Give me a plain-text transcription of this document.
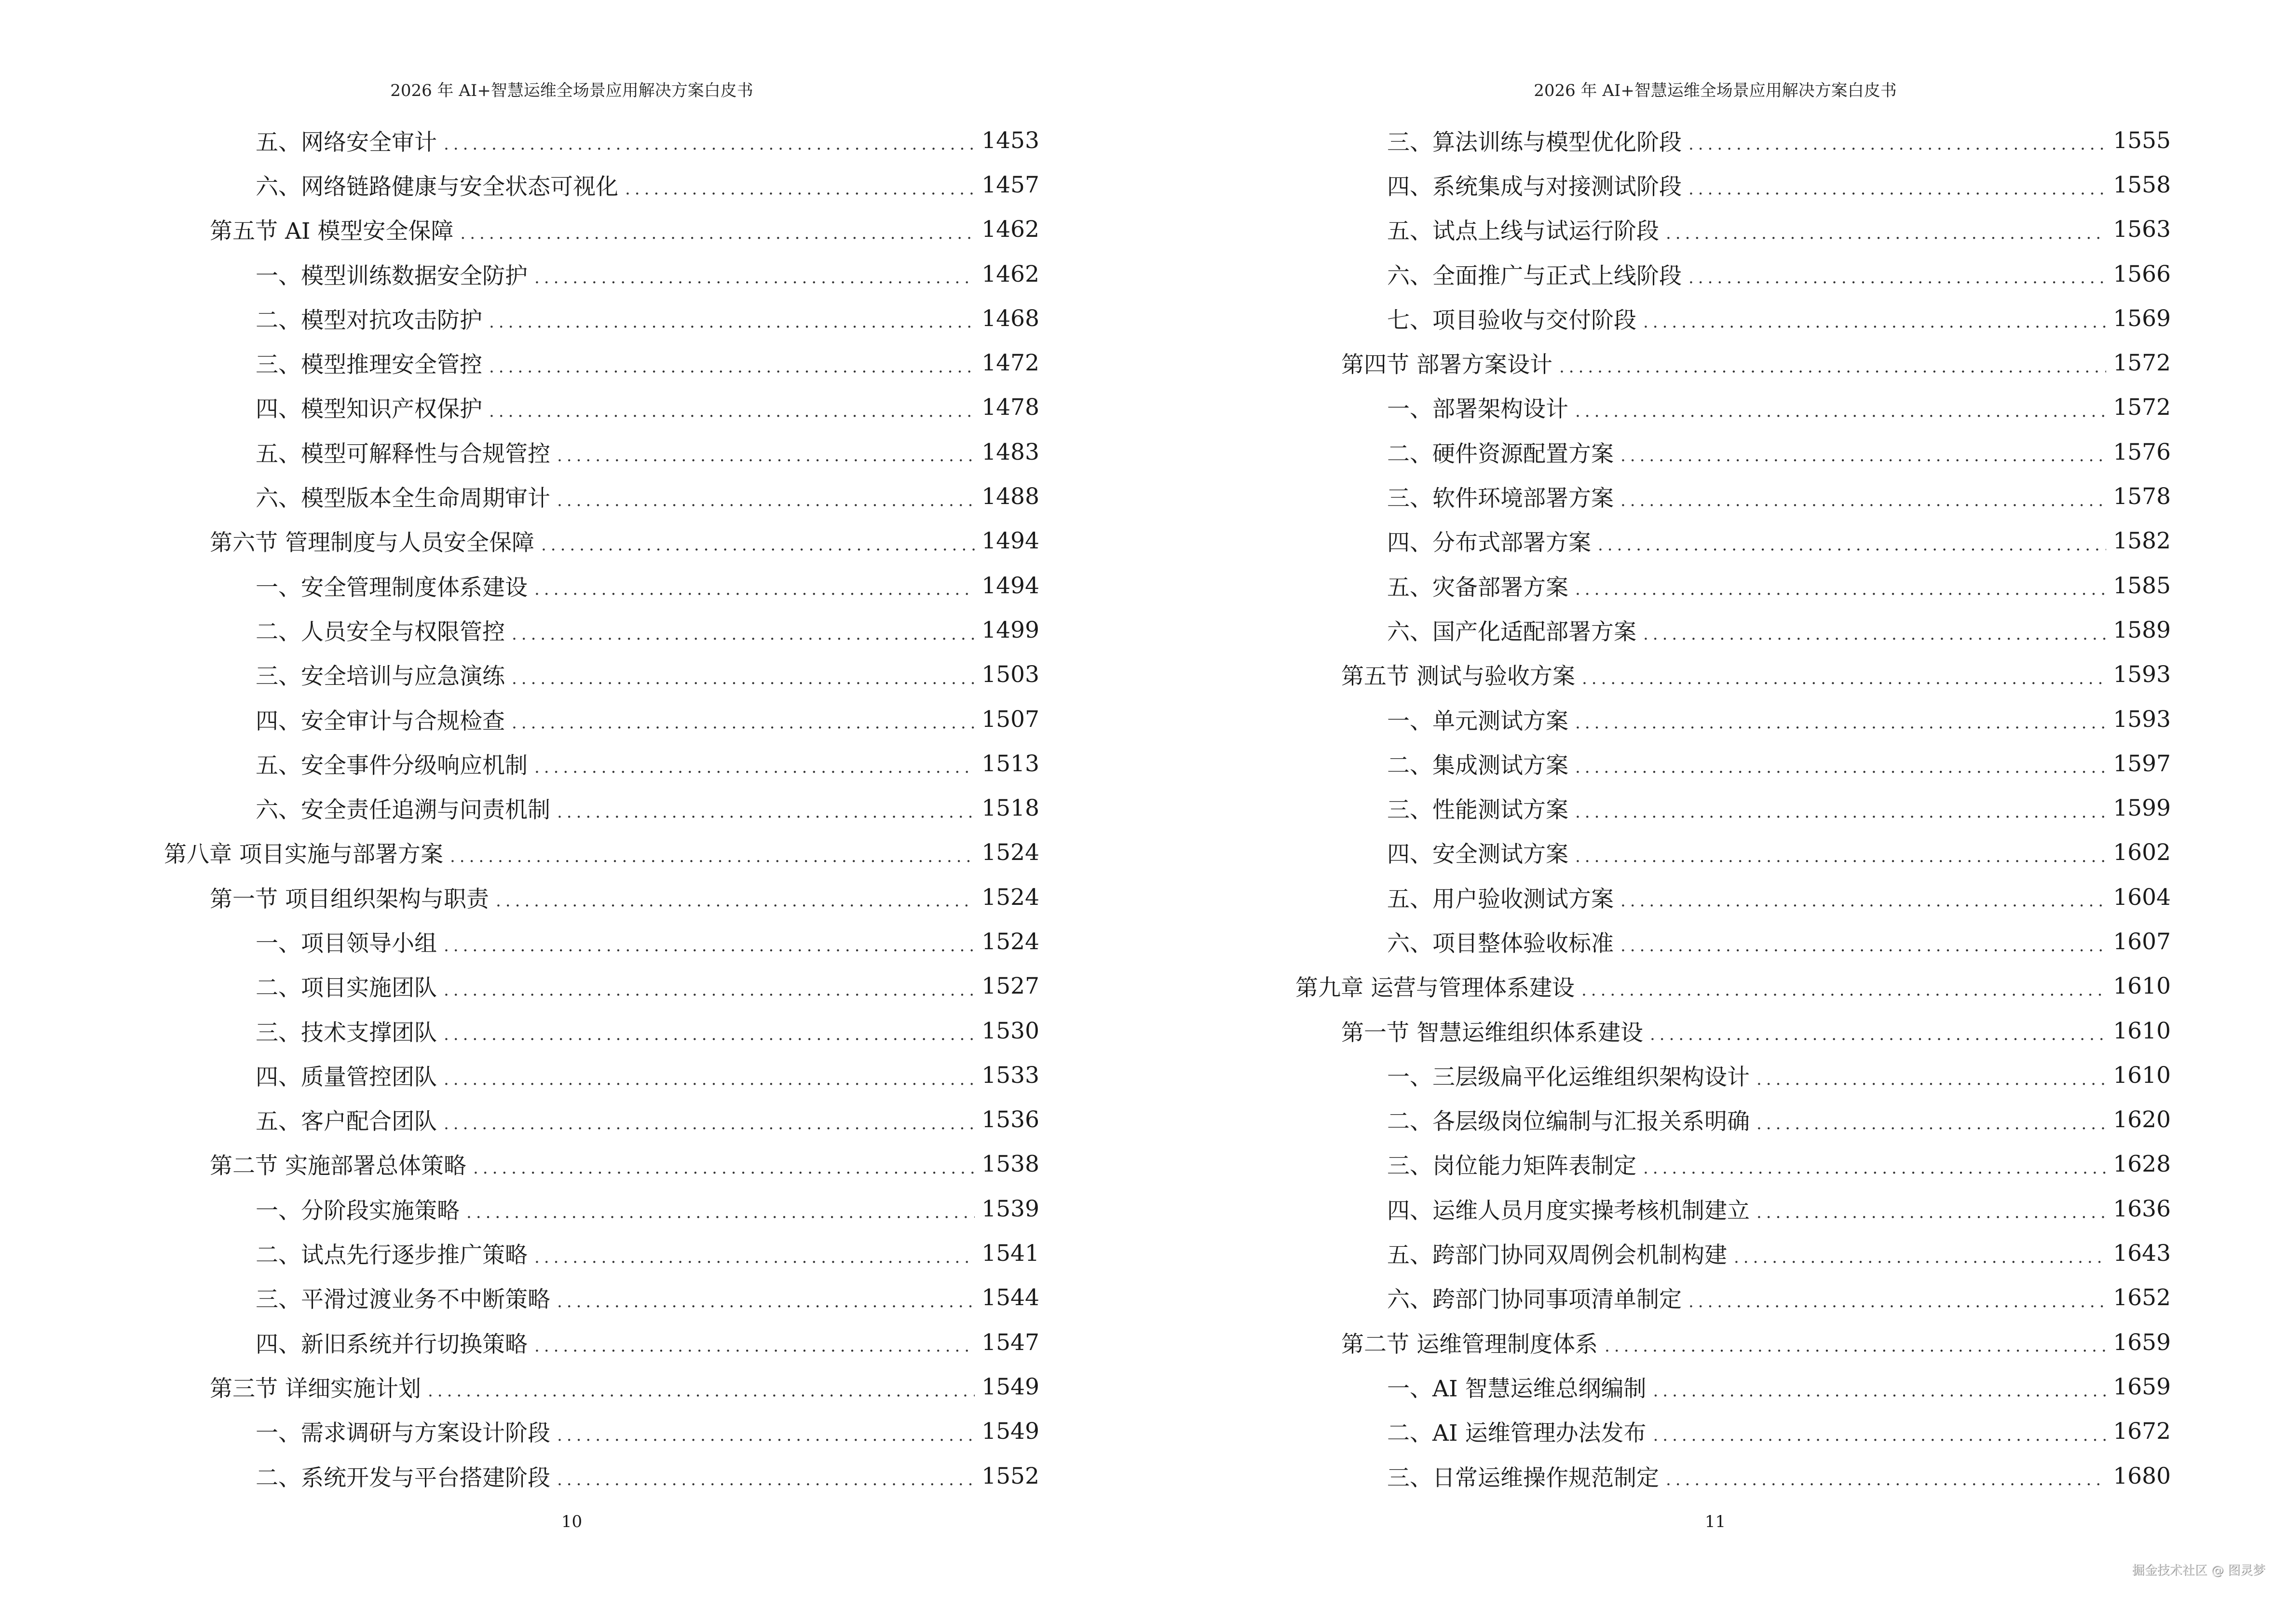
2026 年 AI+智慧运维全场景应用解决方案白皮书
五、网络安全审计 .....	1453
六、网络链路健康与安全状态可视化 .....	1457
第五节 AI 模型安全保障 .....	1462
一、模型训练数据安全防护 .....	1462
二、模型对抗攻击防护 .....	1468
三、模型推理安全管控 .....	1472
四、模型知识产权保护 .....	1478
五、模型可解释性与合规管控 .....	1483
六、模型版本全生命周期审计 .....	1488
第六节 管理制度与人员安全保障 .....	1494
一、安全管理制度体系建设 .....	1494
二、人员安全与权限管控 .....	1499
三、安全培训与应急演练 .....	1503
四、安全审计与合规检查 .....	1507
五、安全事件分级响应机制 .....	1513
六、安全责任追溯与问责机制 .....	1518
第八章 项目实施与部署方案 .....	1524
第一节 项目组织架构与职责 .....	1524
一、项目领导小组 .....	1524
二、项目实施团队 .....	1527
三、技术支撑团队 .....	1530
四、质量管控团队 .....	1533
五、客户配合团队 .....	1536
第二节 实施部署总体策略 .....	1538
一、分阶段实施策略 .....	1539
二、试点先行逐步推广策略 .....	1541
三、平滑过渡业务不中断策略 .....	1544
四、新旧系统并行切换策略 .....	1547
第三节 详细实施计划 .....	1549
一、需求调研与方案设计阶段 .....	1549
二、系统开发与平台搭建阶段 .....	1552
10
2026 年 AI+智慧运维全场景应用解决方案白皮书
三、算法训练与模型优化阶段 .....	1555
四、系统集成与对接测试阶段 .....	1558
五、试点上线与试运行阶段 .....	1563
六、全面推广与正式上线阶段 .....	1566
七、项目验收与交付阶段 .....	1569
第四节 部署方案设计 .....	1572
一、部署架构设计 .....	1572
二、硬件资源配置方案 .....	1576
三、软件环境部署方案 .....	1578
四、分布式部署方案 .....	1582
五、灾备部署方案 .....	1585
六、国产化适配部署方案 .....	1589
第五节 测试与验收方案 .....	1593
一、单元测试方案 .....	1593
二、集成测试方案 .....	1597
三、性能测试方案 .....	1599
四、安全测试方案 .....	1602
五、用户验收测试方案 .....	1604
六、项目整体验收标准 .....	1607
第九章 运营与管理体系建设 .....	1610
第一节 智慧运维组织体系建设 .....	1610
一、三层级扁平化运维组织架构设计 .....	1610
二、各层级岗位编制与汇报关系明确 .....	1620
三、岗位能力矩阵表制定 .....	1628
四、运维人员月度实操考核机制建立 .....	1636
五、跨部门协同双周例会机制构建 .....	1643
六、跨部门协同事项清单制定 .....	1652
第二节 运维管理制度体系 .....	1659
一、AI 智慧运维总纲编制 .....	1659
二、AI 运维管理办法发布 .....	1672
三、日常运维操作规范制定 .....	1680
11
掘金技术社区 @ 图灵梦
